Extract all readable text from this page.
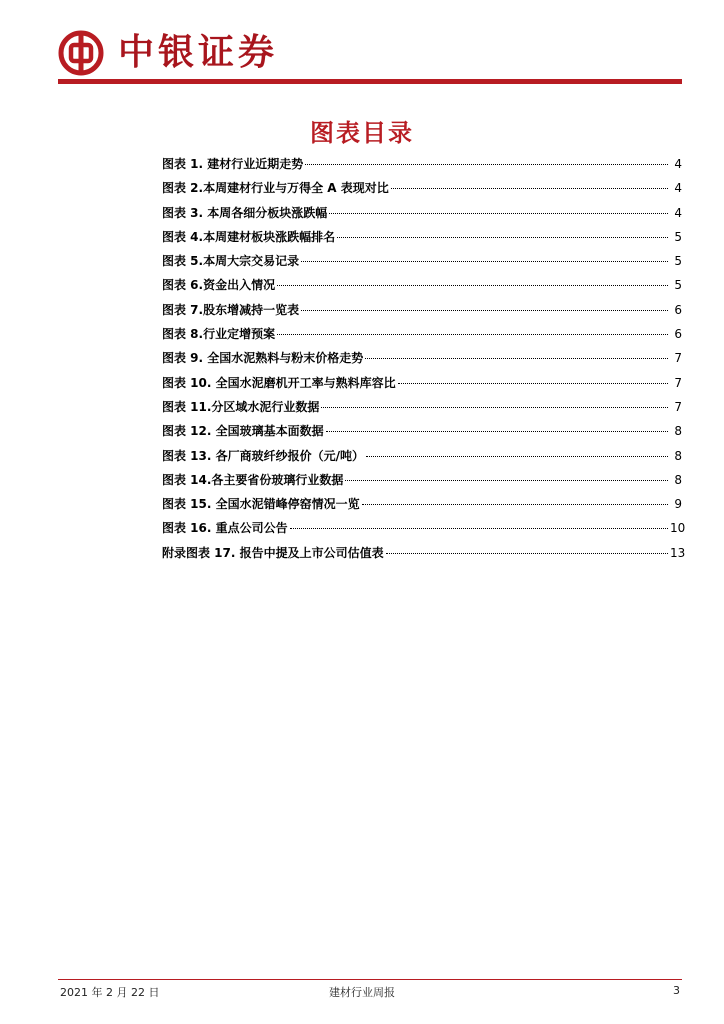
中银证券
图表目录
图表 1. 建材行业近期走势	4
图表 2.本周建材行业与万得全 A 表现对比	4
图表 3. 本周各细分板块涨跌幅	4
图表 4.本周建材板块涨跌幅排名	5
图表 5.本周大宗交易记录	5
图表 6.资金出入情况	5
图表 7.股东增减持一览表	6
图表 8.行业定增预案	6
图表 9. 全国水泥熟料与粉末价格走势	7
图表 10. 全国水泥磨机开工率与熟料库容比	7
图表 11.分区域水泥行业数据	7
图表 12. 全国玻璃基本面数据	8
图表 13. 各厂商玻纤纱报价（元/吨）	8
图表 14.各主要省份玻璃行业数据	8
图表 15. 全国水泥错峰停窑情况一览	9
图表 16. 重点公司公告	10
附录图表 17. 报告中提及上市公司估值表	13
2021 年 2 月 22 日	建材行业周报	3
